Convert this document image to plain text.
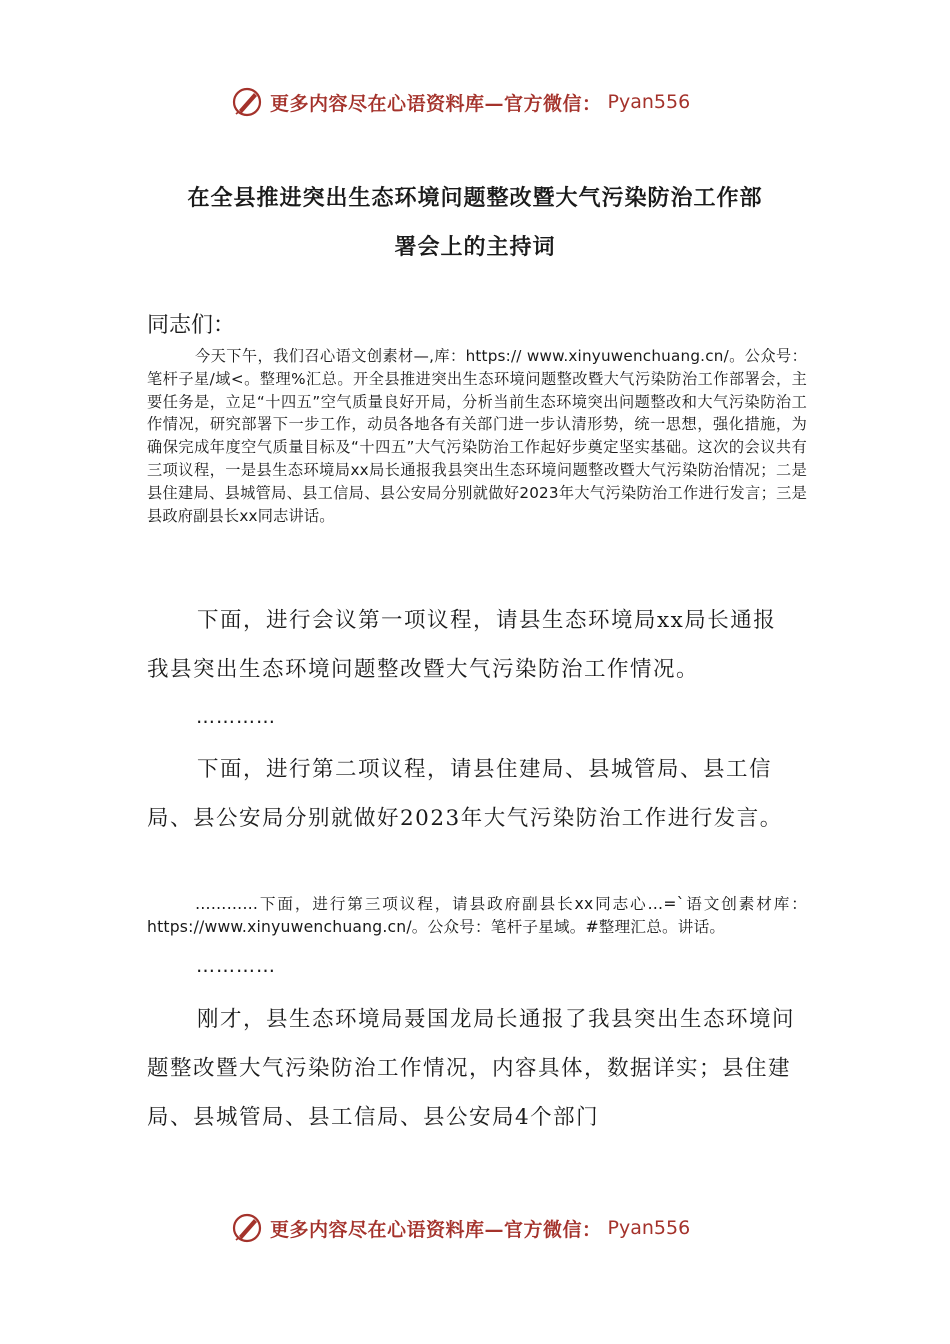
更多内容尽在心语资料库—官方微信： Pyan556
在全县推进突出生态环境问题整改暨大气污染防治工作部
署会上的主持词

同志们：

今天下午，我们召心语文创素材—,库：https:// www.xinyuwenchuang.cn/。公众号：笔杆子星/域<。整理%汇总。开全县推进突出生态环境问题整改暨大气污染防治工作部署会，主要任务是，立足“十四五”空气质量良好开局，分析当前生态环境突出问题整改和大气污染防治工作情况，研究部署下一步工作，动员各地各有关部门进一步认清形势，统一思想，强化措施，为确保完成年度空气质量目标及“十四五”大气污染防治工作起好步奠定坚实基础。这次的会议共有三项议程，一是县生态环境局xx局长通报我县突出生态环境问题整改暨大气污染防治情况；二是县住建局、县城管局、县工信局、县公安局分别就做好2023年大气污染防治工作进行发言；三是县政府副县长xx同志讲话。

下面，进行会议第一项议程，请县生态环境局xx局长通报我县突出生态环境问题整改暨大气污染防治工作情况。

…………

下面，进行第二项议程，请县住建局、县城管局、县工信局、县公安局分别就做好2023年大气污染防治工作进行发言。

…………下面，进行第三项议程，请县政府副县长xx同志心…=`语文创素材库：https://www.xinyuwenchuang.cn/。公众号：笔杆子星域。#整理汇总。讲话。

…………

刚才，县生态环境局聂国龙局长通报了我县突出生态环境问题整改暨大气污染防治工作情况，内容具体，数据详实；县住建局、县城管局、县工信局、县公安局4个部门

更多内容尽在心语资料库—官方微信： Pyan556
